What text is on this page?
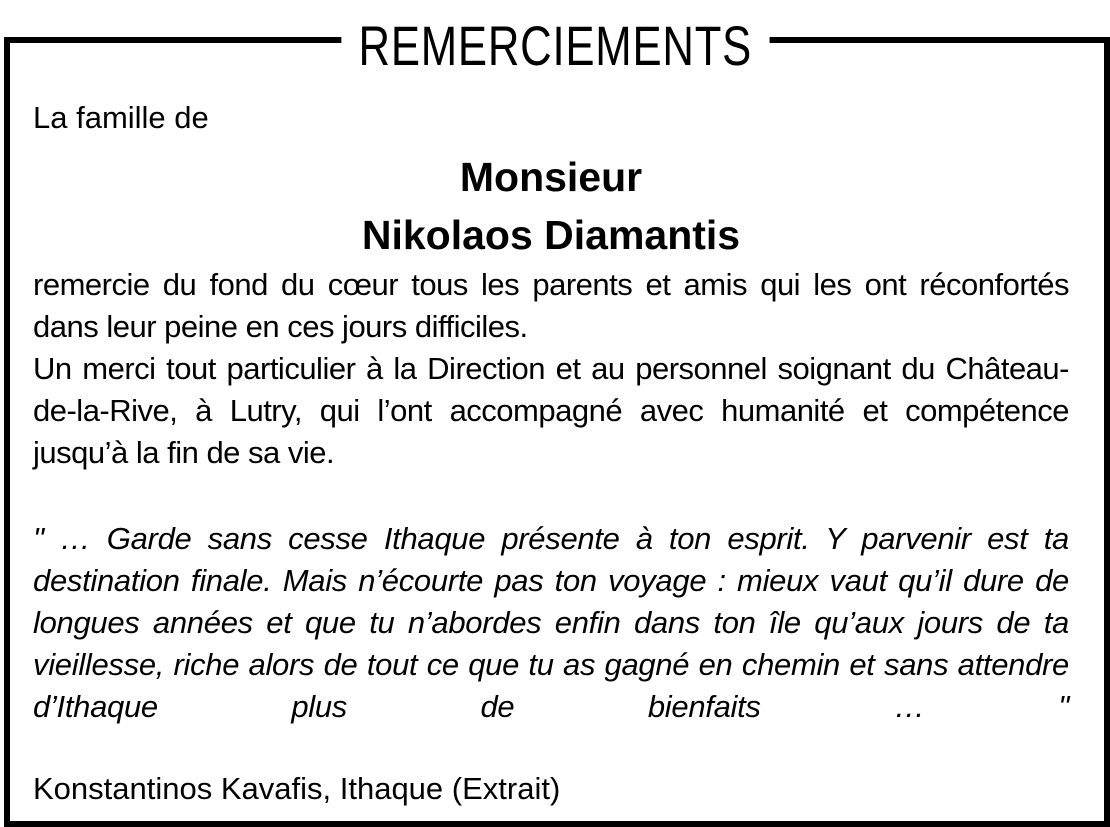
REMERCIEMENTS

La famille de

Monsieur
Nikolaos Diamantis

remercie du fond du cœur tous les parents et amis qui les ont réconfortés dans leur peine en ces jours difficiles.

Un merci tout particulier à la Direction et au personnel soignant du Château-de-la-Rive, à Lutry, qui l’ont accompagné avec humanité et compétence jusqu’à la fin de sa vie.

" … Garde sans cesse Ithaque présente à ton esprit. Y parvenir est ta destination finale. Mais n’écourte pas ton voyage : mieux vaut qu’il dure de longues années et que tu n’abordes enfin dans ton île qu’aux jours de ta vieillesse, riche alors de tout ce que tu as gagné en chemin et sans attendre d’Ithaque plus de bienfaits … "

Konstantinos Kavafis, Ithaque (Extrait)
